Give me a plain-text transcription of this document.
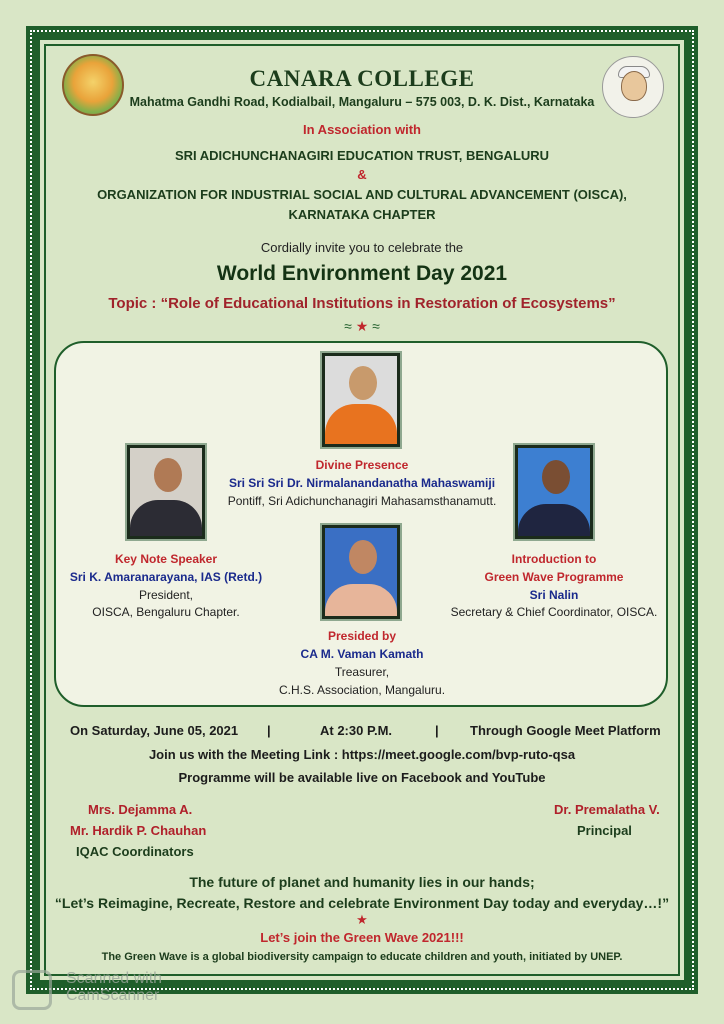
CANARA COLLEGE
Mahatma Gandhi Road, Kodialbail, Mangaluru – 575 003, D. K. Dist., Karnataka
In Association with
SRI ADICHUNCHANAGIRI EDUCATION TRUST, BENGALURU
&
ORGANIZATION FOR INDUSTRIAL SOCIAL AND CULTURAL ADVANCEMENT (OISCA),
KARNATAKA CHAPTER
Cordially invite you to celebrate the
World Environment Day 2021
Topic : “Role of Educational Institutions in Restoration of Ecosystems”
≈ ★ ≈
Divine Presence
Sri Sri Sri Dr. Nirmalanandanatha Mahaswamiji
Pontiff, Sri Adichunchanagiri Mahasamsthanamutt.
Key Note Speaker
Sri K. Amaranarayana, IAS (Retd.)
President,
OISCA, Bengaluru Chapter.
Introduction to
Green Wave Programme
Sri Nalin
Secretary & Chief Coordinator, OISCA.
Presided by
CA M. Vaman Kamath
Treasurer,
C.H.S. Association, Mangaluru.
On Saturday, June 05, 2021 |	At 2:30 P.M.	| Through Google Meet Platform
Join us with the Meeting Link : https://meet.google.com/bvp-ruto-qsa
Programme will be available live on Facebook and YouTube
Mrs. Dejamma A.
Mr. Hardik P. Chauhan
IQAC Coordinators
Dr. Premalatha V.
Principal
The future of planet and humanity lies in our hands;
“Let’s Reimagine, Recreate, Restore and celebrate Environment Day today and everyday…!”
★
Let’s join the Green Wave 2021!!!
The Green Wave is a global biodiversity campaign to educate children and youth, initiated by UNEP.
Scanned with
CamScanner
